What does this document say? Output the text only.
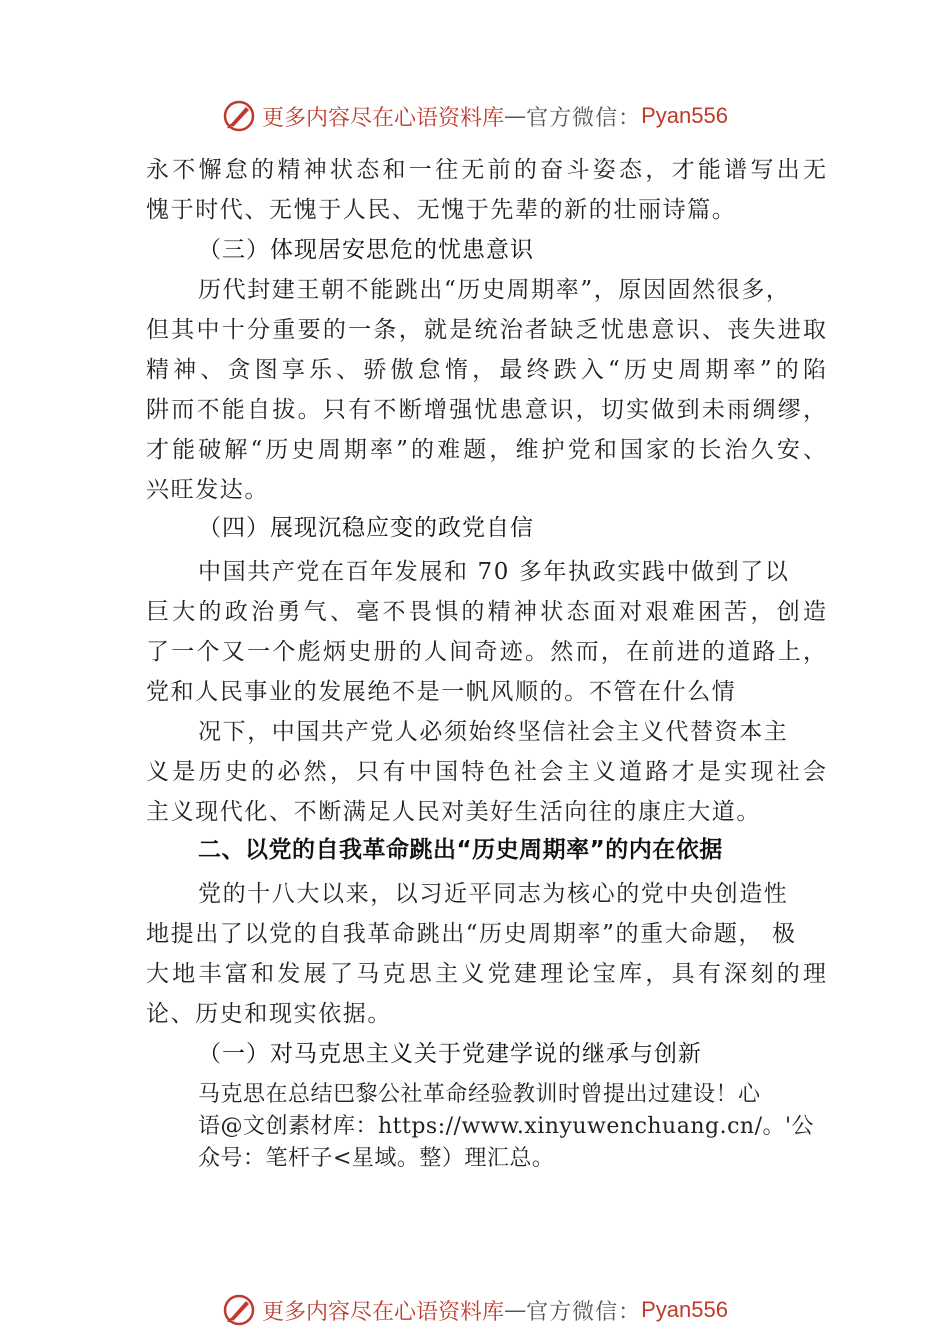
更多内容尽在心语资料库 — 官方微信： Pyan556
永不懈怠的精神状态和一往无前的奋斗姿态，才能谱写出无
愧于时代、无愧于人民、无愧于先辈的新的壮丽诗篇。
（三）体现居安思危的忧患意识
历代封建王朝不能跳出“历史周期率”，原因固然很多，
但其中十分重要的一条，就是统治者缺乏忧患意识、丧失进取
精神、贪图享乐、骄傲怠惰，最终跌入“历史周期率”的陷
阱而不能自拔。只有不断增强忧患意识，切实做到未雨绸缪，
才能破解“历史周期率”的难题，维护党和国家的长治久安、
兴旺发达。
（四）展现沉稳应变的政党自信
中国共产党在百年发展和 70 多年执政实践中做到了以
巨大的政治勇气、毫不畏惧的精神状态面对艰难困苦，创造
了一个又一个彪炳史册的人间奇迹。然而，在前进的道路上，
党和人民事业的发展绝不是一帆风顺的。不管在什么情
况下，中国共产党人必须始终坚信社会主义代替资本主
义是历史的必然，只有中国特色社会主义道路才是实现社会
主义现代化、不断满足人民对美好生活向往的康庄大道。
二、以党的自我革命跳出“历史周期率”的内在依据
党的十八大以来，以习近平同志为核心的党中央创造性
地提出了以党的自我革命跳出“历史周期率”的重大命题， 极
大地丰富和发展了马克思主义党建理论宝库，具有深刻的理
论、历史和现实依据。
（一）对马克思主义关于党建学说的继承与创新
马克思在总结巴黎公社革命经验教训时曾提出过建设！心
语@文创素材库：https://www.xinyuwenchuang.cn/。'公
众号：笔杆子<星域。整）理汇总。
更多内容尽在心语资料库 — 官方微信： Pyan556
